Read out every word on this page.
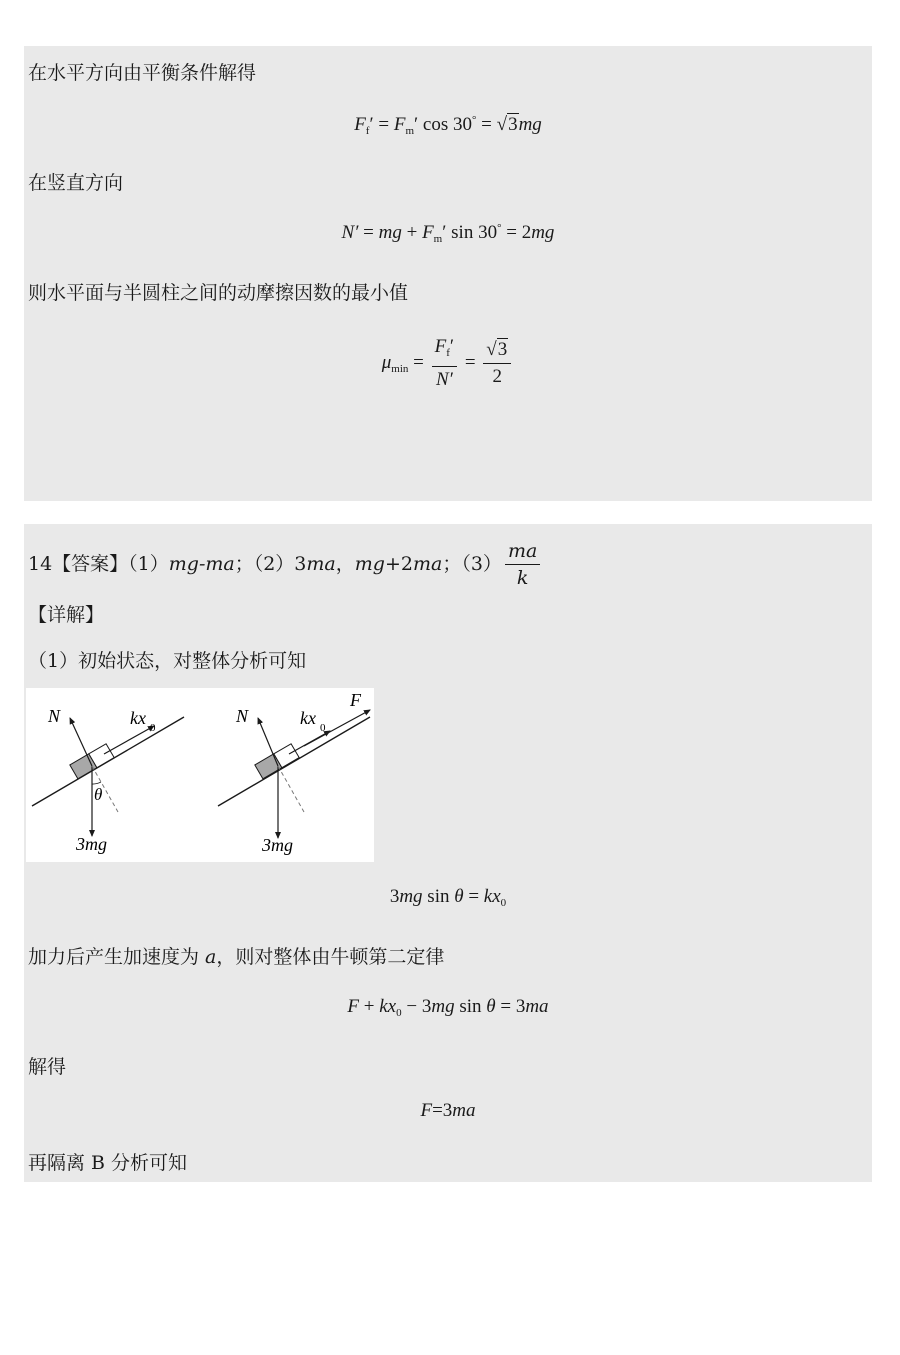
在水平方向由平衡条件解得
$F_f' = F_m'$ cos 30° = √3mg
在竖直方向
N′ = mg + $F_m'$ sin 30° = 2mg
则水平面与半圆柱之间的动摩擦因数的最小值
$\mu_{min} = \frac{F_f'}{N'} = \frac{√3}{2}$
14【答案】（1）mg-ma；（2）3ma，mg+2ma；$(3) \frac{ma}{k}$
【详解】
（1）初始状态，对整体分析可知
N	kx 0
θ
3mg
N	kx 0
F
3mg
3mg $\sin \theta = kx_0$
加力后产生加速度为 a，则对整体由牛顿第二定律
$F + kx_0 - 3mg$ sin θ = 3ma
解得
F=3ma
再隔离 B 分析可知
